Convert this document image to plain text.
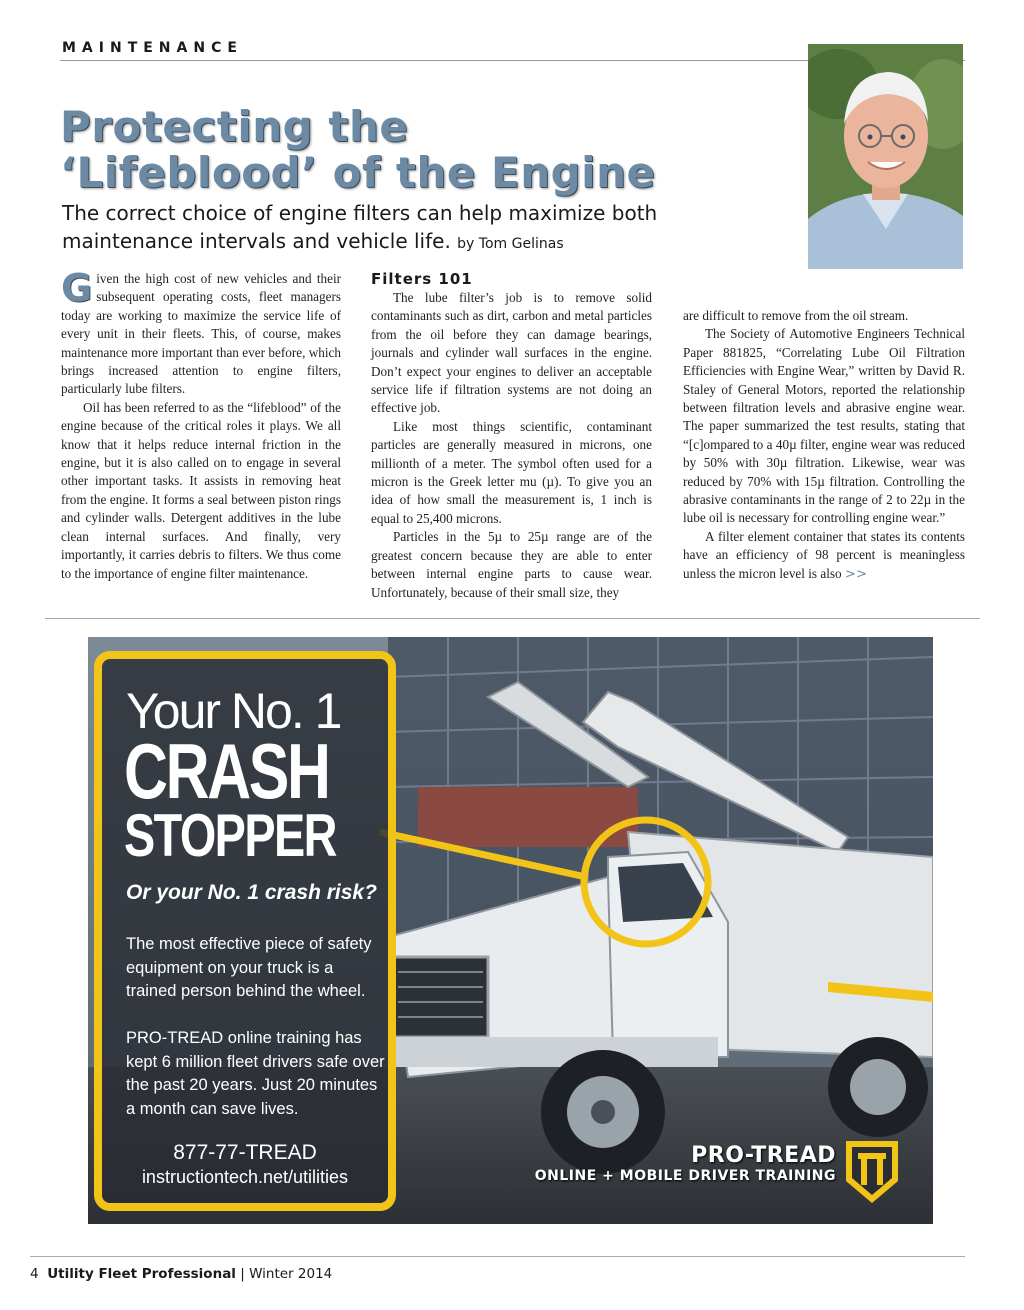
MAINTENANCE
Protecting the
‘Lifeblood’ of the Engine
The correct choice of engine filters can help maximize both
maintenance intervals and vehicle life. by Tom Gelinas

Given the high cost of new vehicles and their subsequent operating costs, fleet managers today are working to maximize the service life of every unit in their fleets. This, of course, makes maintenance more important than ever before, which brings increased attention to engine filters, particularly lube filters.

Oil has been referred to as the “lifeblood” of the engine because of the critical roles it plays. We all know that it helps reduce internal friction in the engine, but it is also called on to engage in several other important tasks. It assists in removing heat from the engine. It forms a seal between piston rings and cylinder walls. Detergent additives in the lube clean internal surfaces. And finally, very importantly, it carries debris to filters. We thus come to the importance of engine filter maintenance.

Filters 101

The lube filter’s job is to remove solid contaminants such as dirt, carbon and metal particles from the oil before they can damage bearings, journals and cylinder wall surfaces in the engine. Don’t expect your engines to deliver an acceptable service life if filtration systems are not doing an effective job.

Like most things scientific, contaminant particles are generally measured in microns, one millionth of a meter. The symbol often used for a micron is the Greek letter mu (µ). To give you an idea of how small the measurement is, 1 inch is equal to 25,400 microns.

Particles in the 5µ to 25µ range are of the greatest concern because they are able to enter between internal engine parts to cause wear. Unfortunately, because of their small size, they

are difficult to remove from the oil stream.

The Society of Automotive Engineers Technical Paper 881825, “Correlating Lube Oil Filtration Efficiencies with Engine Wear,” written by David R. Staley of General Motors, reported the relationship between filtration levels and abrasive engine wear. The paper summarized the test results, stating that “[c]ompared to a 40µ filter, engine wear was reduced by 50% with 30µ filtration. Likewise, wear was reduced by 70% with 15µ filtration. Controlling the abrasive contaminants in the range of 2 to 22µ in the lube oil is necessary for controlling engine wear.”

A filter element container that states its contents have an efficiency of 98 percent is meaningless unless the micron level is also >>

Your No. 1
CRASH
STOPPER
Or your No. 1 crash risk?
The most effective piece of safety equipment on your truck is a trained person behind the wheel.
PRO-TREAD online training has kept 6 million fleet drivers safe over the past 20 years. Just 20 minutes a month can save lives.
877-77-TREAD
instructiontech.net/utilities
PRO-TREAD
ONLINE + MOBILE DRIVER TRAINING
4 Utility Fleet Professional | Winter 2014
